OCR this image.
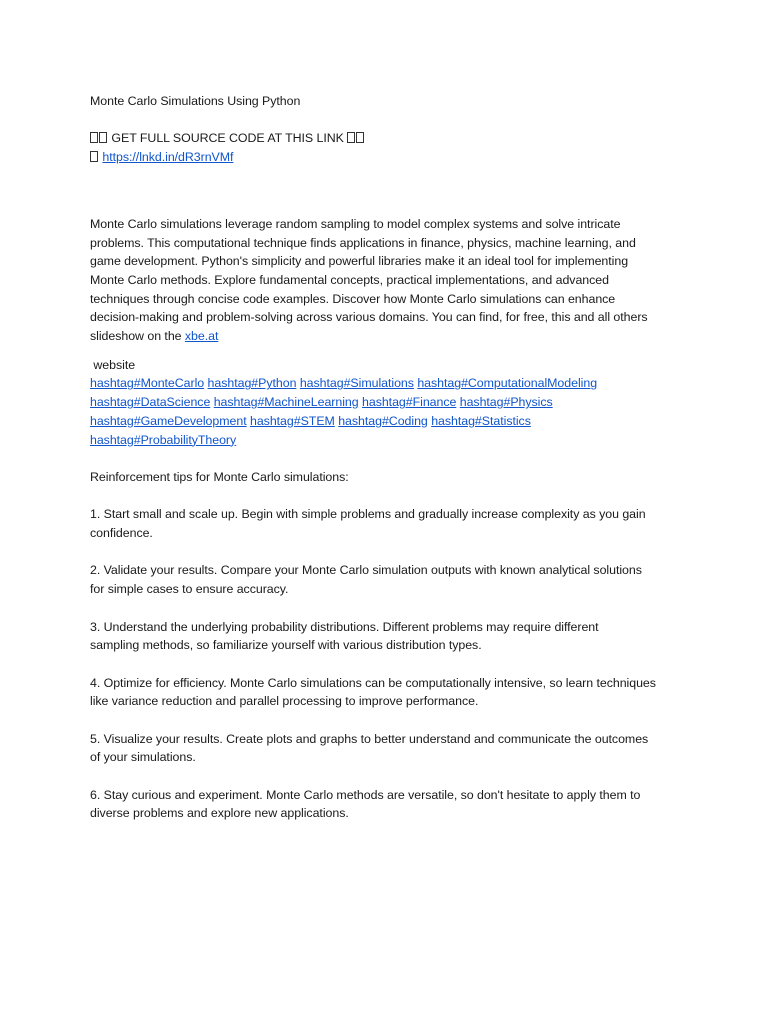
Monte Carlo Simulations Using Python
GET FULL SOURCE CODE AT THIS LINK
https://lnkd.in/dR3rnVMf
Monte Carlo simulations leverage random sampling to model complex systems and solve intricate
problems. This computational technique finds applications in finance, physics, machine learning, and
game development. Python's simplicity and powerful libraries make it an ideal tool for implementing
Monte Carlo methods. Explore fundamental concepts, practical implementations, and advanced
techniques through concise code examples. Discover how Monte Carlo simulations can enhance
decision-making and problem-solving across various domains. You can find, for free, this and all others
slideshow on the xbe.at
website
hashtag#MonteCarlo hashtag#Python hashtag#Simulations hashtag#ComputationalModeling
hashtag#DataScience hashtag#MachineLearning hashtag#Finance hashtag#Physics
hashtag#GameDevelopment hashtag#STEM hashtag#Coding hashtag#Statistics
hashtag#ProbabilityTheory
Reinforcement tips for Monte Carlo simulations:
1. Start small and scale up. Begin with simple problems and gradually increase complexity as you gain
confidence.
2. Validate your results. Compare your Monte Carlo simulation outputs with known analytical solutions
for simple cases to ensure accuracy.
3. Understand the underlying probability distributions. Different problems may require different
sampling methods, so familiarize yourself with various distribution types.
4. Optimize for efficiency. Monte Carlo simulations can be computationally intensive, so learn techniques
like variance reduction and parallel processing to improve performance.
5. Visualize your results. Create plots and graphs to better understand and communicate the outcomes
of your simulations.
6. Stay curious and experiment. Monte Carlo methods are versatile, so don't hesitate to apply them to
diverse problems and explore new applications.
